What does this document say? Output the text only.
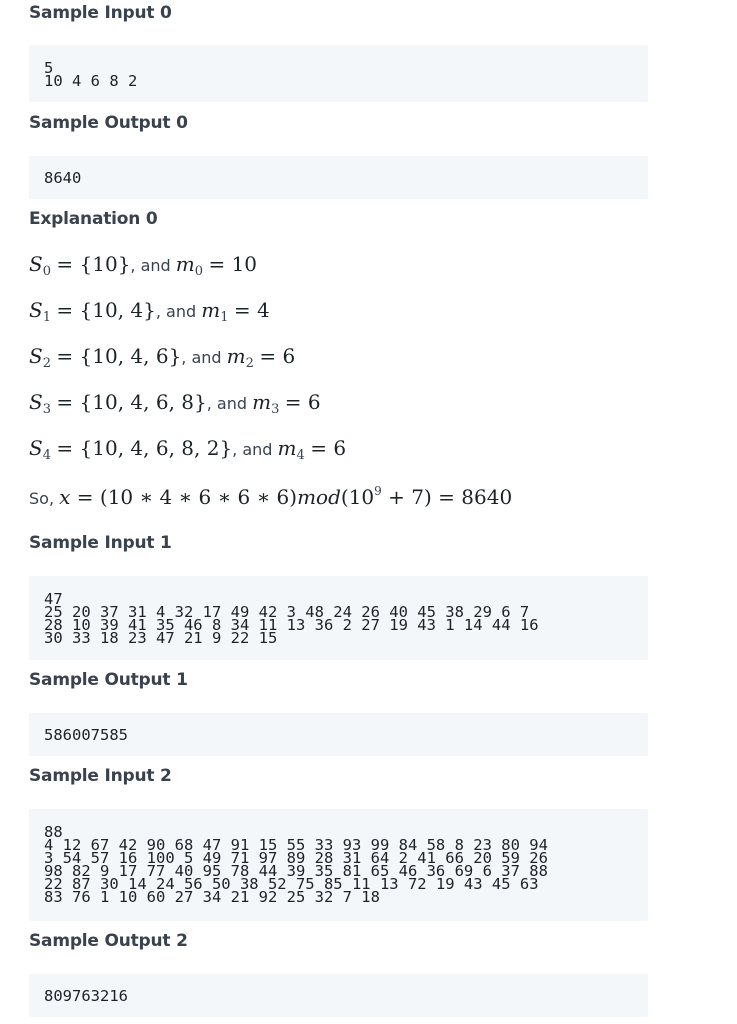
Sample Input 0
5
10 4 6 8 2
Sample Output 0
8640
Explanation 0
$S_0 = \{10\}$, and $m_0 = 10$
$S_1 = \{10$, 4}, and $m_1 = 4$
$S_2 = \{10$, 4, 6}, and $m_2 = 6$
$S_3 = \{10$, 4, 6, 8}, and $m_3 = 6$
$S_4 = \{10$, 4, 6, 8, 2}, and $m_4 = 6$
So, x = (10 ∗ 4 ∗ 6 ∗ 6 ∗ $6)mod(10^9 + 7) = 8640$
Sample Input 1
47
25 20 37 31 4 32 17 49 42 3 48 24 26 40 45 38 29 6 7
28 10 39 41 35 46 8 34 11 13 36 2 27 19 43 1 14 44 16
30 33 18 23 47 21 9 22 15
Sample Output 1
586007585
Sample Input 2
88
4 12 67 42 90 68 47 91 15 55 33 93 99 84 58 8 23 80 94
3 54 57 16 100 5 49 71 97 89 28 31 64 2 41 66 20 59 26
98 82 9 17 77 40 95 78 44 39 35 81 65 46 36 69 6 37 88
22 87 30 14 24 56 50 38 52 75 85 11 13 72 19 43 45 63
83 76 1 10 60 27 34 21 92 25 32 7 18
Sample Output 2
809763216
